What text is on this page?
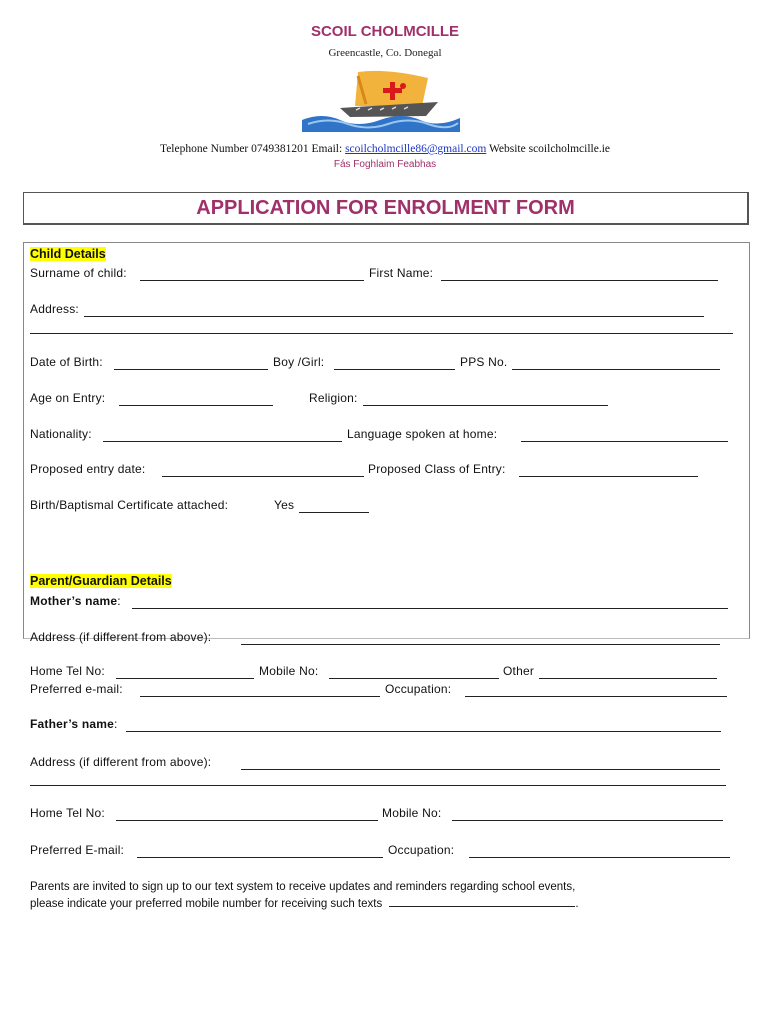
SCOIL CHOLMCILLE
Greencastle, Co. Donegal
Telephone Number 0749381201 Email: scoilcholmcille86@gmail.com Website scoilcholmcille.ie
Fás Foghlaim Feabhas
APPLICATION FOR ENROLMENT FORM
Child Details
Surname of child:	First Name:
Address:
Date of Birth:	Boy /Girl:	PPS No.
Age on Entry:	Religion:
Nationality:	Language spoken at home:
Proposed entry date:	Proposed Class of Entry:
Birth/Baptismal Certificate attached:	Yes
Parent/Guardian Details
Mother’s name:
Address (if different from above):
Home Tel No:	Mobile No:	Other
Preferred e-mail:	Occupation:
Father’s name:
Address (if different from above):
Home Tel No:	Mobile No:
Preferred E-mail:	Occupation:
Parents are invited to sign up to our text system to receive updates and reminders regarding school events,
please indicate your preferred mobile number for receiving such texts	.
